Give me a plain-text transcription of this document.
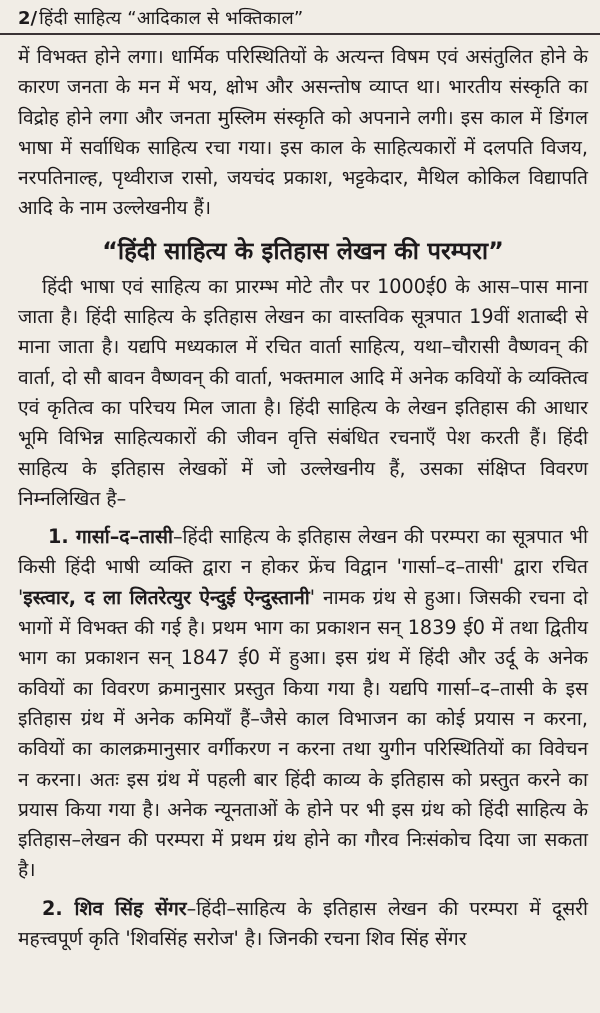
2/ हिंदी साहित्य “आदिकाल से भक्तिकाल”

में विभक्त होने लगा। धार्मिक परिस्थितियों के अत्यन्त विषम एवं असंतुलित होने के कारण जनता के मन में भय, क्षोभ और असन्तोष व्याप्त था। भारतीय संस्कृति का विद्रोह होने लगा और जनता मुस्लिम संस्कृति को अपनाने लगी। इस काल में डिंगल भाषा में सर्वाधिक साहित्य रचा गया। इस काल के साहित्यकारों में दलपति विजय, नरपतिनाल्ह, पृथ्वीराज रासो, जयचंद प्रकाश, भट्टकेदार, मैथिल कोकिल विद्यापति आदि के नाम उल्लेखनीय हैं।

“हिंदी साहित्य के इतिहास लेखन की परम्परा”

हिंदी भाषा एवं साहित्य का प्रारम्भ मोटे तौर पर 1000ई0 के आस–पास माना जाता है। हिंदी साहित्य के इतिहास लेखन का वास्तविक सूत्रपात 19वीं शताब्दी से माना जाता है। यद्यपि मध्यकाल में रचित वार्ता साहित्य, यथा–चौरासी वैष्णवन् की वार्ता, दो सौ बावन वैष्णवन् की वार्ता, भक्तमाल आदि में अनेक कवियों के व्यक्तित्व एवं कृतित्व का परिचय मिल जाता है। हिंदी साहित्य के लेखन इतिहास की आधार भूमि विभिन्न साहित्यकारों की जीवन वृत्ति संबंधित रचनाएँ पेश करती हैं। हिंदी साहित्य के इतिहास लेखकों में जो उल्लेखनीय हैं, उसका संक्षिप्त विवरण निम्नलिखित है–

1. गार्सा–द–तासी–हिंदी साहित्य के इतिहास लेखन की परम्परा का सूत्रपात भी किसी हिंदी भाषी व्यक्ति द्वारा न होकर फ्रेंच विद्वान 'गार्सा–द–तासी' द्वारा रचित 'इस्त्वार, द ला लितरेत्युर ऐन्दुई ऐन्दुस्तानी' नामक ग्रंथ से हुआ। जिसकी रचना दो भागों में विभक्त की गई है। प्रथम भाग का प्रकाशन सन् 1839 ई0 में तथा द्वितीय भाग का प्रकाशन सन् 1847 ई0 में हुआ। इस ग्रंथ में हिंदी और उर्दू के अनेक कवियों का विवरण क्रमानुसार प्रस्तुत किया गया है। यद्यपि गार्सा–द–तासी के इस इतिहास ग्रंथ में अनेक कमियाँ हैं–जैसे काल विभाजन का कोई प्रयास न करना, कवियों का कालक्रमानुसार वर्गीकरण न करना तथा युगीन परिस्थितियों का विवेचन न करना। अतः इस ग्रंथ में पहली बार हिंदी काव्य के इतिहास को प्रस्तुत करने का प्रयास किया गया है। अनेक न्यूनताओं के होने पर भी इस ग्रंथ को हिंदी साहित्य के इतिहास–लेखन की परम्परा में प्रथम ग्रंथ होने का गौरव निःसंकोच दिया जा सकता है।

2. शिव सिंह सेंगर–हिंदी–साहित्य के इतिहास लेखन की परम्परा में दूसरी महत्त्वपूर्ण कृति 'शिवसिंह सरोज' है। जिनकी रचना शिव सिंह सेंगर
